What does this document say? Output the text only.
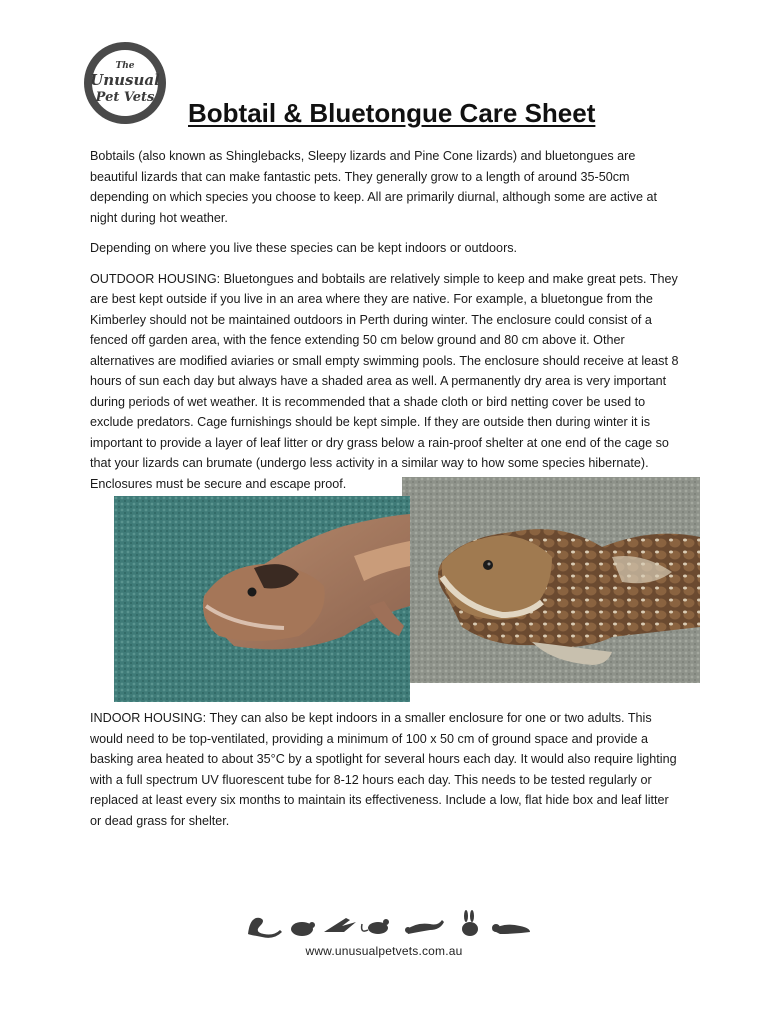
The
Unusual
Pet Vets
Bobtail & Bluetongue Care Sheet

Bobtails (also known as Shinglebacks, Sleepy lizards and Pine Cone lizards) and bluetongues are beautiful lizards that can make fantastic pets. They generally grow to a length of around 35-50cm depending on which species you choose to keep. All are primarily diurnal, although some are active at night during hot weather.

Depending on where you live these species can be kept indoors or outdoors.

OUTDOOR HOUSING: Bluetongues and bobtails are relatively simple to keep and make great pets. They are best kept outside if you live in an area where they are native. For example, a bluetongue from the Kimberley should not be maintained outdoors in Perth during winter. The enclosure could consist of a fenced off garden area, with the fence extending 50 cm below ground and 80 cm above it. Other alternatives are modified aviaries or small empty swimming pools. The enclosure should receive at least 8 hours of sun each day but always have a shaded area as well. A permanently dry area is very important during periods of wet weather. It is recommended that a shade cloth or bird netting cover be used to exclude predators. Cage furnishings should be kept simple. If they are outside then during winter it is important to provide a layer of leaf litter or dry grass below a rain-proof shelter at one end of the cage so that your lizards can brumate (undergo less activity in a similar way to how some species hibernate). Enclosures must be secure and escape proof.

INDOOR HOUSING: They can also be kept indoors in a smaller enclosure for one or two adults. This would need to be top-ventilated, providing a minimum of 100 x 50 cm of ground space and provide a basking area heated to about 35°C by a spotlight for several hours each day. It would also require lighting with a full spectrum UV fluorescent tube for 8-12 hours each day. This needs to be tested regularly or replaced at least every six months to maintain its effectiveness. Include a low, flat hide box and leaf litter or dead grass for shelter.

www.unusualpetvets.com.au
